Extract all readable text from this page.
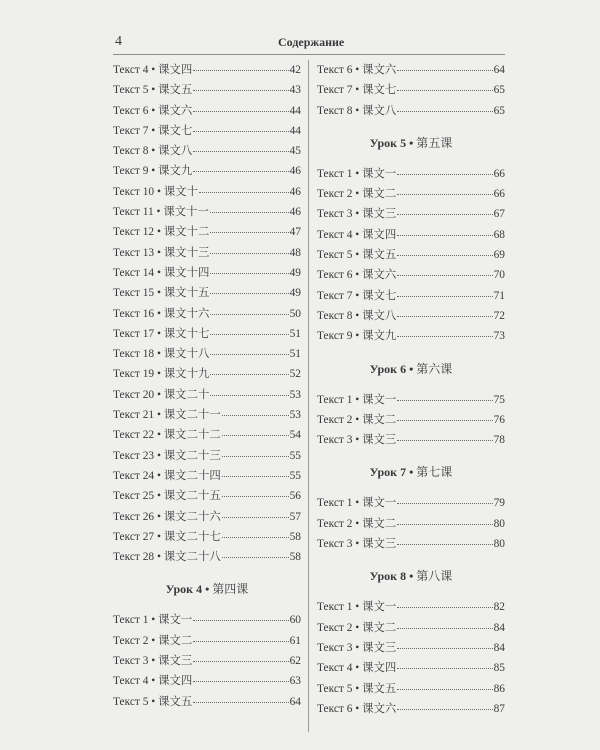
4	Содержание
Текст 4 • 课文四	42
Текст 5 • 课文五	43
Текст 6 • 课文六	44
Текст 7 • 课文七	44
Текст 8 • 课文八	45
Текст 9 • 课文九	46
Текст 10 • 课文十	46
Текст 11 • 课文十一	46
Текст 12 • 课文十二	47
Текст 13 • 课文十三	48
Текст 14 • 课文十四	49
Текст 15 • 课文十五	49
Текст 16 • 课文十六	50
Текст 17 • 课文十七	51
Текст 18 • 课文十八	51
Текст 19 • 课文十九	52
Текст 20 • 课文二十	53
Текст 21 • 课文二十一	53
Текст 22 • 课文二十二	54
Текст 23 • 课文二十三	55
Текст 24 • 课文二十四	55
Текст 25 • 课文二十五	56
Текст 26 • 课文二十六	57
Текст 27 • 课文二十七	58
Текст 28 • 课文二十八	58
Урок 4 • 第四课
Текст 1 • 课文一	60
Текст 2 • 课文二	61
Текст 3 • 课文三	62
Текст 4 • 课文四	63
Текст 5 • 课文五	64
Текст 6 • 课文六	64
Текст 7 • 课文七	65
Текст 8 • 课文八	65
Урок 5 • 第五课
Текст 1 • 课文一	66
Текст 2 • 课文二	66
Текст 3 • 课文三	67
Текст 4 • 课文四	68
Текст 5 • 课文五	69
Текст 6 • 课文六	70
Текст 7 • 课文七	71
Текст 8 • 课文八	72
Текст 9 • 课文九	73
Урок 6 • 第六课
Текст 1 • 课文一	75
Текст 2 • 课文二	76
Текст 3 • 课文三	78
Урок 7 • 第七课
Текст 1 • 课文一	79
Текст 2 • 课文二	80
Текст 3 • 课文三	80
Урок 8 • 第八课
Текст 1 • 课文一	82
Текст 2 • 课文二	84
Текст 3 • 课文三	84
Текст 4 • 课文四	85
Текст 5 • 课文五	86
Текст 6 • 课文六	87
